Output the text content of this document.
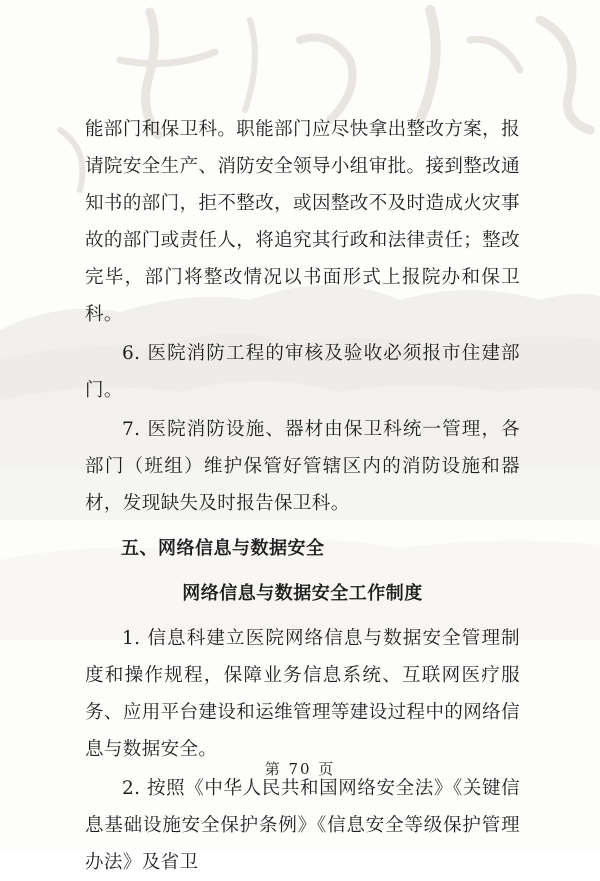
能部门和保卫科。职能部门应尽快拿出整改方案，报请院安全生产、消防安全领导小组审批。接到整改通知书的部门，拒不整改，或因整改不及时造成火灾事故的部门或责任人，将追究其行政和法律责任；整改完毕，部门将整改情况以书面形式上报院办和保卫科。

6. 医院消防工程的审核及验收必须报市住建部门。

7. 医院消防设施、器材由保卫科统一管理，各部门（班组）维护保管好管辖区内的消防设施和器材，发现缺失及时报告保卫科。

五、网络信息与数据安全
网络信息与数据安全工作制度

1. 信息科建立医院网络信息与数据安全管理制度和操作规程，保障业务信息系统、互联网医疗服务、应用平台建设和运维管理等建设过程中的网络信息与数据安全。

2. 按照《中华人民共和国网络安全法》《关键信息基础设施安全保护条例》《信息安全等级保护管理办法》及省卫

第 70 页
